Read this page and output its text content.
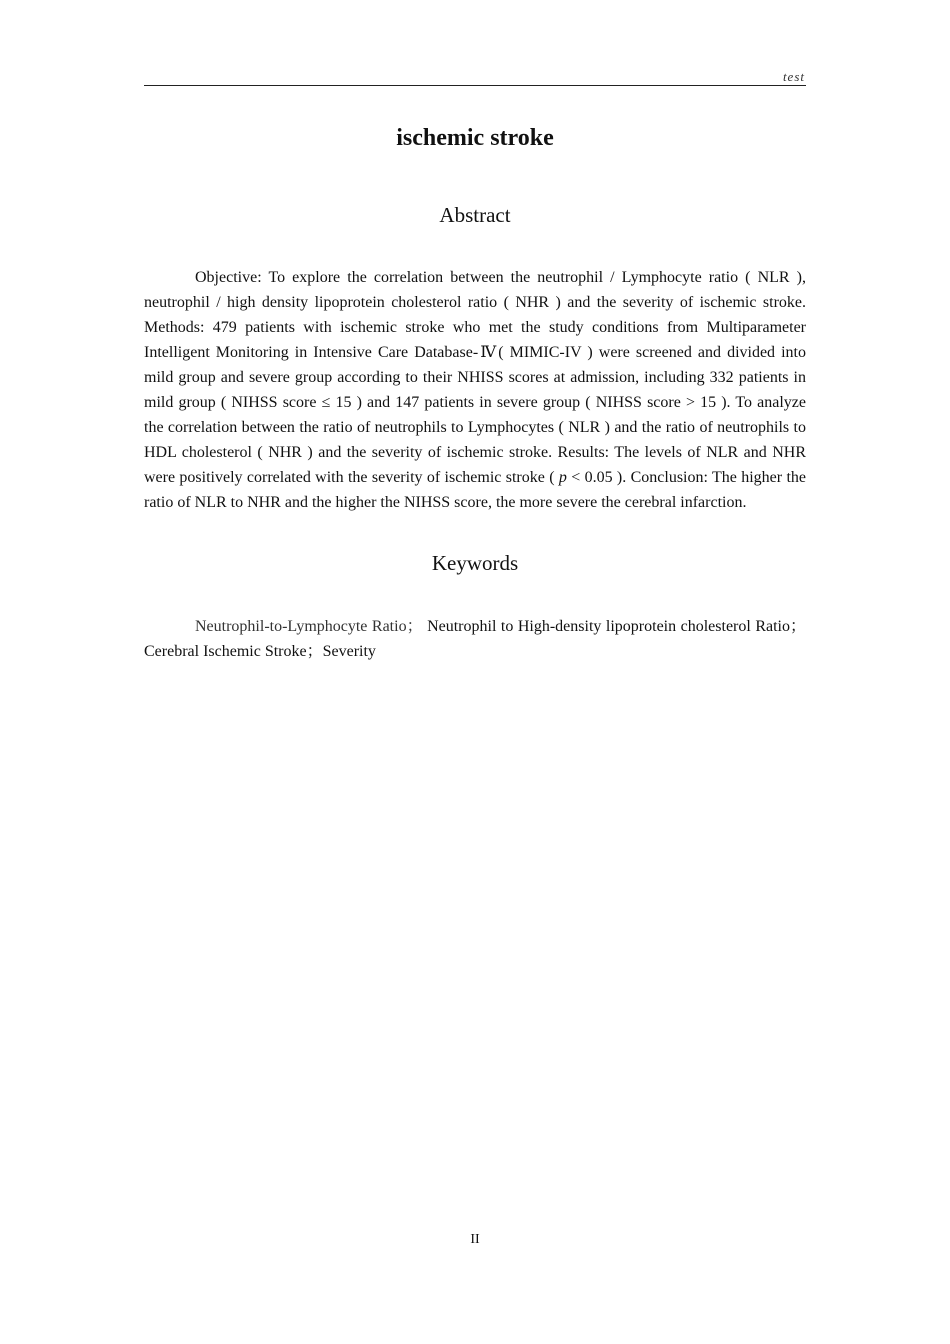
test
ischemic stroke
Abstract

Objective: To explore the correlation between the neutrophil / Lymphocyte ratio ( NLR ), neutrophil / high density lipoprotein cholesterol ratio ( NHR ) and the severity of ischemic stroke. Methods: 479 patients with ischemic stroke who met the study conditions from Multiparameter Intelligent Monitoring in Intensive Care Database-Ⅳ( MIMIC-IV ) were screened and divided into mild group and severe group according to their NHISS scores at admission, including 332 patients in mild group ( NIHSS score ≤ 15 ) and 147 patients in severe group ( NIHSS score > 15 ). To analyze the correlation between the ratio of neutrophils to Lymphocytes ( NLR ) and the ratio of neutrophils to HDL cholesterol ( NHR ) and the severity of ischemic stroke. Results: The levels of NLR and NHR were positively correlated with the severity of ischemic stroke ( p < 0.05 ). Conclusion: The higher the ratio of NLR to NHR and the higher the NIHSS score, the more severe the cerebral infarction.

Keywords

Neutrophil-to-Lymphocyte Ratio； Neutrophil to High-density lipoprotein cholesterol Ratio；Cerebral Ischemic Stroke；Severity

II
